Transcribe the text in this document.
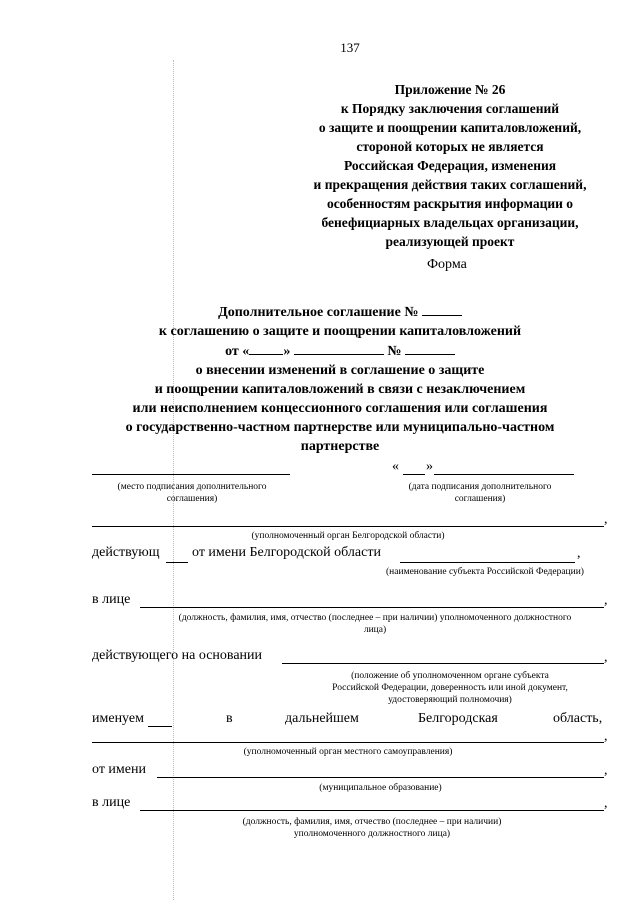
137
Приложение № 26
к Порядку заключения соглашений
о защите и поощрении капиталовложений,
стороной которых не является
Российская Федерация, изменения
и прекращения действия таких соглашений,
особенностям раскрытия информации о
бенефициарных владельцах организации,
реализующей проект
Форма
Дополнительное соглашение №
к соглашению о защите и поощрении капиталовложений
от « »	№
о внесении изменений в соглашение о защите
и поощрении капиталовложений в связи с незаключением
или неисполнением концессионного соглашения или соглашения
о государственно-частном партнерстве или муниципально-частном
партнерстве
(место подписания дополнительного
соглашения)
« »
(дата подписания дополнительного
соглашения)
,
(уполномоченный орган Белгородской области)
действующ от имени Белгородской области	,
(наименование субъекта Российской Федерации)
в лице	,
(должность, фамилия, имя, отчество (последнее – при наличии) уполномоченного должностного
лица)
действующего на основании	,
(положение об уполномоченном органе субъекта
Российской Федерации, доверенность или иной документ,
удостоверяющий полномочия)
именуем	в	дальнейшем	Белгородская	область,
,
(уполномоченный орган местного самоуправления)
от имени	,
(муниципальное образование)
в лице	,
(должность, фамилия, имя, отчество (последнее – при наличии)
уполномоченного должностного лица)
